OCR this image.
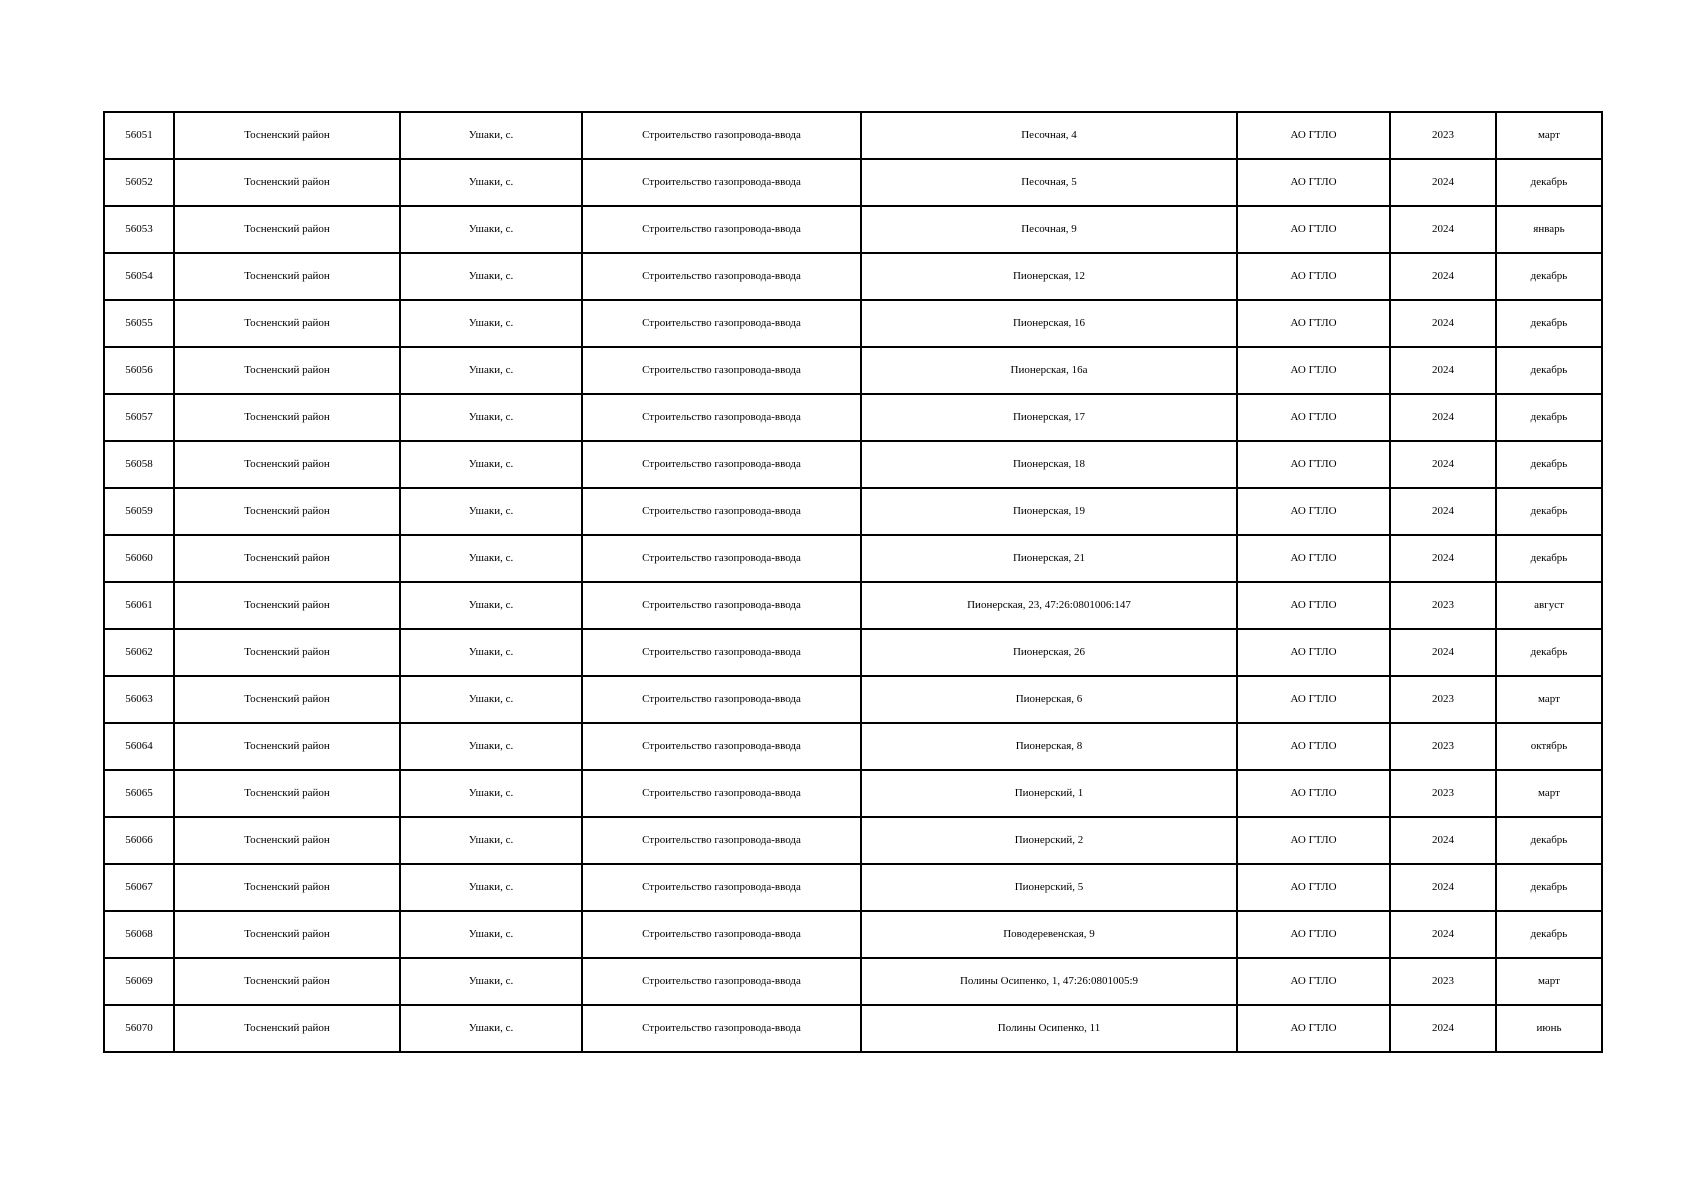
56051	Тосненский район	Ушаки, с.	Строительство газопровода-ввода	Песочная, 4	АО ГТЛО	2023	март
56052	Тосненский район	Ушаки, с.	Строительство газопровода-ввода	Песочная, 5	АО ГТЛО	2024	декабрь
56053	Тосненский район	Ушаки, с.	Строительство газопровода-ввода	Песочная, 9	АО ГТЛО	2024	январь
56054	Тосненский район	Ушаки, с.	Строительство газопровода-ввода	Пионерская, 12	АО ГТЛО	2024	декабрь
56055	Тосненский район	Ушаки, с.	Строительство газопровода-ввода	Пионерская, 16	АО ГТЛО	2024	декабрь
56056	Тосненский район	Ушаки, с.	Строительство газопровода-ввода	Пионерская, 16а	АО ГТЛО	2024	декабрь
56057	Тосненский район	Ушаки, с.	Строительство газопровода-ввода	Пионерская, 17	АО ГТЛО	2024	декабрь
56058	Тосненский район	Ушаки, с.	Строительство газопровода-ввода	Пионерская, 18	АО ГТЛО	2024	декабрь
56059	Тосненский район	Ушаки, с.	Строительство газопровода-ввода	Пионерская, 19	АО ГТЛО	2024	декабрь
56060	Тосненский район	Ушаки, с.	Строительство газопровода-ввода	Пионерская, 21	АО ГТЛО	2024	декабрь
56061	Тосненский район	Ушаки, с.	Строительство газопровода-ввода	Пионерская, 23, 47:26:0801006:147	АО ГТЛО	2023	август
56062	Тосненский район	Ушаки, с.	Строительство газопровода-ввода	Пионерская, 26	АО ГТЛО	2024	декабрь
56063	Тосненский район	Ушаки, с.	Строительство газопровода-ввода	Пионерская, 6	АО ГТЛО	2023	март
56064	Тосненский район	Ушаки, с.	Строительство газопровода-ввода	Пионерская, 8	АО ГТЛО	2023	октябрь
56065	Тосненский район	Ушаки, с.	Строительство газопровода-ввода	Пионерский, 1	АО ГТЛО	2023	март
56066	Тосненский район	Ушаки, с.	Строительство газопровода-ввода	Пионерский, 2	АО ГТЛО	2024	декабрь
56067	Тосненский район	Ушаки, с.	Строительство газопровода-ввода	Пионерский, 5	АО ГТЛО	2024	декабрь
56068	Тосненский район	Ушаки, с.	Строительство газопровода-ввода	Поводеревенская, 9	АО ГТЛО	2024	декабрь
56069	Тосненский район	Ушаки, с.	Строительство газопровода-ввода	Полины Осипенко, 1, 47:26:0801005:9	АО ГТЛО	2023	март
56070	Тосненский район	Ушаки, с.	Строительство газопровода-ввода	Полины Осипенко, 11	АО ГТЛО	2024	июнь
